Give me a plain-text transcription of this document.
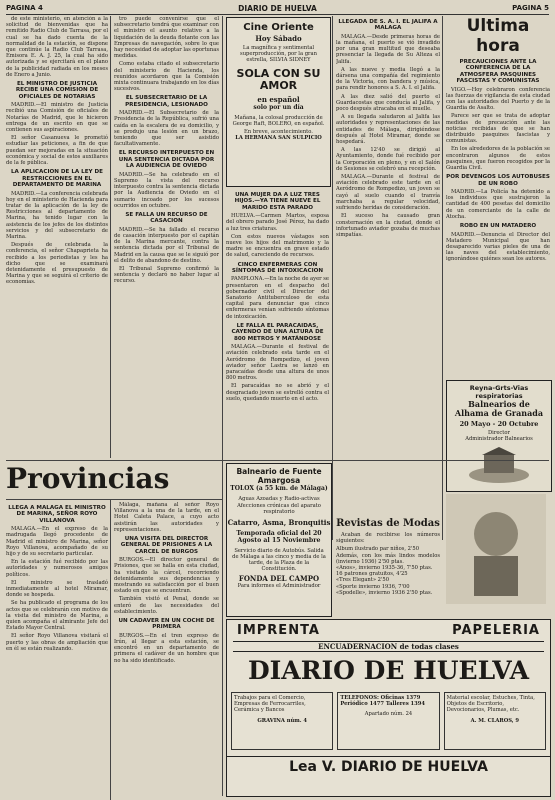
PAGINA 4	DIARIO DE HUELVA	PAGINA 5

de este ministerio, en atención a la solicitud de bienvenidas que ha remitido Radio Club de Tarrasa, por el cual se ha dado cuenta de la normalidad de la estación, se dispone que continúe la Radio Club Tarrasa, Emisora E. A. J. 25, la cual ha sido autorizada y se ejercitará en el plano de la publicidad radiada en los meses de Enero a Junio.

EL MINISTRO DE JUSTICIA RECIBE UNA COMISION DE OFICIALES DE NOTARIAS

MADRID.—El ministro de Justicia recibió una Comisión de oficiales de Notarías de Madrid, que le hicieron entrega de un escrito en que se contienen sus aspiraciones.

El señor Casanueva le prometió estudiar las peticiones, a fin de que puedan ser mejoradas en la situación económica y social de estos auxiliares de la fe pública.

LA APLICACION DE LA LEY DE RESTRICCIONES EN EL DEPARTAMENTO DE MARINA

MADRID.—La conferencia celebrada hoy en el ministerio de Hacienda para tratar de la aplicación de la ley de Restricciones al departamento de Marina, ha tenido lugar con la asistencia de los jefes de los distintos servicios y del subsecretario de Marina.

Después de celebrada la conferencia, el señor Chapaprieta ha recibido a los periodistas y les ha dicho que se examinará detenidamente el presupuesto de Marina y que se seguirá el criterio de economías.

tro puede convenirse que el subsecretario tendrá que examinar con el ministro el asunto relativo a la liquidación de la deuda flotante con las Empresas de navegación, sobre lo que hay necesidad de adoptar las oportunas medidas.

Como estaba citado el subsecretario del ministerio de Hacienda, los reunidos acordaron que la Comisión mixta continuara trabajando en los días sucesivos.

EL SUBSECRETARIO DE LA PRESIDENCIA, LESIONADO

MADRID.—El Subsecretario de la Presidencia de la República, sufrió una caída en la escalera de su domicilio, y se produjo una lesión en un brazo, teniendo que ser asistido facultativamente.

EL RECURSO INTERPUESTO EN UNA SENTENCIA DICTADA POR LA AUDIENCIA DE OVIEDO

MADRID.—Se ha celebrado en el Supremo la vista del recurso interpuesto contra la sentencia dictada por la Audiencia de Oviedo en el sumario incoado por los sucesos ocurridos en octubre.

SE FALLA UN RECURSO DE CASACION

MADRID.—Se ha fallado el recurso de casación interpuesto por el capitán de la Marina mercante, contra la sentencia dictada por el Tribunal de Madrid en la causa que se le siguió por el delito de abandono de destino.

El Tribunal Supremo confirmó la sentencia y declaró no haber lugar al recurso.

Cine Oriente
Hoy Sábado
La magnífica y sentimental superproducción, por la gran estrella, SILVIA SIDNEY
SOLA CON SU AMOR
en español
solo por un día
Mañana, la colosal producción de George Raft, BOLERO, en español.
En breve, acontecimiento.
LA HERMANA SAN SULPICIO
UNA MUJER DA A LUZ TRES HIJOS.—YA TIENE NUEVE EL MARIDO ESTA PARADO

HUELVA.—Carmen Martos, esposa del obrero parado José Pérez, ha dado a luz tres criaturas.

Con estos nuevos vástagos son nueve los hijos del matrimonio y la madre se encuentra en grave estado de salud, careciendo de recursos.

CINCO ENFERMERAS CON SÍNTOMAS DE INTOXICACION

PAMPLONA.—En la noche de ayer se presentaron en el despacho del gobernador civil el Director del Sanatorio Antituberculoso de esta capital para denunciar que cinco enfermeras venían sufriendo síntomas de intoxicación.

LE FALLA EL PARACAIDAS, CAYENDO DE UNA ALTURA DE 800 METROS Y MATÁNDOSE

MALAGA.—Durante el festival de aviación celebrado esta tarde en el Aeródromo de Rompedizo, el joven aviador señor Lastra se lanzó en paracaídas desde una altura de unos 800 metros.

El paracaídas no se abrió y el desgraciado joven se estrelló contra el suelo, quedando muerto en el acto.

LLEGADA DE S. A. I. EL JALIFA A MALAGA

MALAGA.—Desde primeras horas de la mañana, el puerto se vió invadido por una gran multitud que deseaba presenciar la llegada de Su Alteza el Jalifa.

A las nueve y media llegó a la dársena una compañía del regimiento de la Victoria, con bandera y música, para rendir honores a S. A. I. el Jalifa.

A las diez salió del puerto el Guardacostas que conducía al Jalifa, y poco después atracaba en el muelle.

A su llegada saludaron al Jalifa las autoridades y representaciones de las entidades de Málaga, dirigiéndose después al Hotel Miramar, donde se hospedará.

A las 12'40 se dirigió al Ayuntamiento, donde fué recibido por la Corporación en pleno, y en el Salón de Sesiones se celebró una recepción.

MALAGA.—Durante el festival de aviación celebrado este tarde en el Aeródromo de Rompedizo, un joven se cayó al suelo cuando el tranvía marchaba a regular velocidad, sufriendo heridas de consideración.

El suceso ha causado gran consternación en la ciudad, donde el infortunado aviador gozaba de muchas simpatías.

Ultima hora
PRECAUCIONES ANTE LA CONFERENCIA DE LA ATMOSFERA PASQUINES FASCISTAS Y COMUNISTAS

VIGO.—Hoy celebraron conferencia las fuerzas de vigilancia de esta ciudad con las autoridades del Puerto y de la Guardia de Asalto.

Parece ser que se trata de adoptar medidas de precaución ante las noticias recibidas de que se han distribuido pasquines fascistas y comunistas.

En los alrededores de la población se encontraron algunos de estos pasquines, que fueron recogidos por la Guardia Civil.

POR DEVENGOS LOS AUTOBUSES DE UN ROBO

MADRID.—La Policía ha detenido a los individuos que sustrajeron la cantidad de 400 pesetas del domicilio de un comerciante de la calle de Atocha.

ROBO EN UN MATADERO

MADRID.—Denuncia el Director del Matadero Municipal que han desaparecido varias pieles de una de las naves del establecimiento, ignorándose quiénes sean los autores.

Reyna-Grts-Vias respiratorias
Balnearios de
Alhama de Granada
20 Mayo - 20 Octubre
Director
Administrador Balnearios
Provincias
LLEGA A MALAGA EL MINISTRO DE MARINA, SEÑOR ROYO VILLANOVA

MALAGA.—En el expreso de la madrugada llegó procedente de Madrid el ministro de Marina, señor Royo Villanova, acompañado de su hijo y de su secretario particular.

En la estación fué recibido por las autoridades y numerosos amigos políticos.

El ministro se trasladó inmediatamente al hotel Miramar, donde se hospeda.

Se ha publicado el programa de los actos que se celebrarán con motivo de la visita del ministro de Marina, a quien acompaña el almirante Jefe del Estado Mayor Central.

El señor Royo Villanova visitará el puerto y las obras de ampliación que en él se están realizando.

Málaga, mañana al señor Royo Villanova a la una de la tarde, en el Hotel Caleta Palace, a cuyo acto asistirán las autoridades y representaciones.

UNA VISITA DEL DIRECTOR GENERAL DE PRISIONES A LA CARCEL DE BURGOS

BURGOS.—El director general de Prisiones, que se halla en esta ciudad, ha visitado la cárcel, recorriendo detenidamente sus dependencias y mostrando su satisfacción por el buen estado en que se encuentran.

También visitó el Penal, donde se enteró de las necesidades del establecimiento.

UN CADAVER EN UN COCHE DE PRIMERA

BURGOS.—En el tren expreso de Irún, al llegar a esta estación, se encontró en un departamento de primera el cadáver de un hombre que no ha sido identificado.

Balneario de Fuente Amargosa
TOLOX (a 55 km. de Málaga)
Aguas Azoadas y Radio-activas
Afecciones crónicas del aparato respiratorio
Catarro, Asma, Bronquitis
Temporada oficial del 20 Agosto al 15 Noviembre
Servicio diario de Autobús. Salida de Málaga a las cinco y media de la tarde, de la Plaza de la Constitución.
FONDA DEL CAMPO
Para informes el Administrador
Revistas de Modas

Acaban de recibirse los números siguientes:

Album ilustrado par niños, 2'50
Además, con los más lindos modelos (invierno 1936) 2'50 ptas.
«Anos», invierno 1935-36, 7'50 ptas.
16 patrones gratuitos, 4'25
«Tres Elegant» 2'50
«Sporte invierno 1936, 7'00
«Spodelle», invierno 1936 2'50 ptas.
IMPRENTA	PAPELERIA
ENCUADERNACION de todas clases
DIARIO DE HUELVA
Trabajos para el Comercio, Empresas de Ferrocarriles, Cerámica y Bancos
GRAVINA núm. 4
TELEFONOS: Oficinas 1379 Periódico 1477 Talleres 1394
Apartado núm. 24
Material escolar, Estuches, Tinta, Objetos de Escritorio, Devocionarios, Plumas, etc.
A. M. CLAROS, 9
Lea V. DIARIO DE HUELVA
